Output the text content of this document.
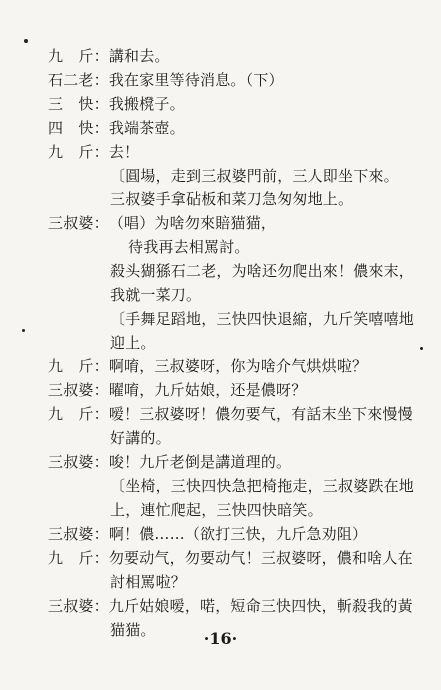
九　斤：講和去。
石二老：我在家里等待消息。（下）
三　快：我搬櫈子。
四　快：我端茶壺。
九　斤：去！
〔圓場，走到三叔婆門前，三人即坐下來。
三叔婆手拿砧板和菜刀急匆匆地上。
三叔婆：（唱）为啥勿來賠猫猫，
待我再去相罵討。
殺头猢猻石二老，为啥还勿爬出來！儂來末，
我就一菜刀。
〔手舞足蹈地，三快四快退縮，九斤笑嘻嘻地
迎上。
九　斤：啊唷，三叔婆呀，你为啥介气烘烘啦？
三叔婆：曜唷，九斤姑娘，还是儂呀？
九　斤：嗳！三叔婆呀！儂勿要气，有話末坐下來慢慢
好講的。
三叔婆：唆！九斤老倒是講道理的。
〔坐椅，三快四快急把椅拖走，三叔婆跌在地
上，連忙爬起，三快四快暗笑。
三叔婆：啊！儂……（欲打三快，九斤急劝阻）
九　斤：勿要动气，勿要动气！三叔婆呀，儂和啥人在
討相罵啦？
三叔婆：九斤姑娘嗳，喏，短命三快四快，斬殺我的黃
猫猫。	·16·
